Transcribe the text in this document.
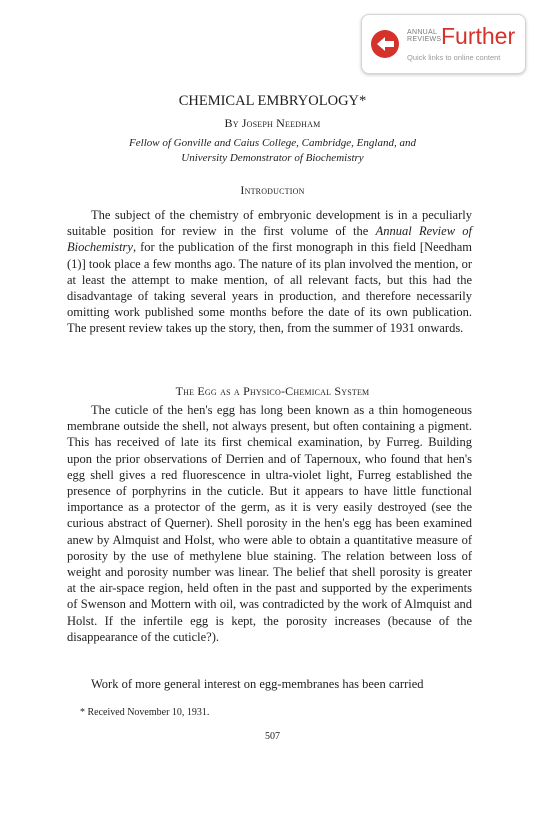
ANNUAL
REVIEWS Further
Quick links to online content
CHEMICAL EMBRYOLOGY*
By Joseph Needham
Fellow of Gonville and Caius College, Cambridge, England, and
University Demonstrator of Biochemistry
Introduction

The subject of the chemistry of embryonic development is in a peculiarly suitable position for review in the first volume of the Annual Review of Biochemistry, for the publication of the first monograph in this field [Needham (1)] took place a few months ago. The nature of its plan involved the mention, or at least the attempt to make mention, of all relevant facts, but this had the disadvantage of taking several years in production, and therefore necessarily omitting work published some months before the date of its own publication. The present review takes up the story, then, from the summer of 1931 onwards.

The Egg as a Physico-Chemical System

The cuticle of the hen's egg has long been known as a thin homogeneous membrane outside the shell, not always present, but often containing a pigment. This has received of late its first chemical examination, by Furreg. Building upon the prior observations of Derrien and of Tapernoux, who found that hen's egg shell gives a red fluorescence in ultra-violet light, Furreg established the presence of porphyrins in the cuticle. But it appears to have little functional importance as a protector of the germ, as it is very easily destroyed (see the curious abstract of Querner). Shell porosity in the hen's egg has been examined anew by Almquist and Holst, who were able to obtain a quantitative measure of porosity by the use of methylene blue staining. The relation between loss of weight and porosity number was linear. The belief that shell porosity is greater at the air-space region, held often in the past and supported by the experiments of Swenson and Mottern with oil, was contradicted by the work of Almquist and Holst. If the infertile egg is kept, the porosity increases (because of the disappearance of the cuticle?).

Work of more general interest on egg-membranes has been carried

* Received November 10, 1931.
507
